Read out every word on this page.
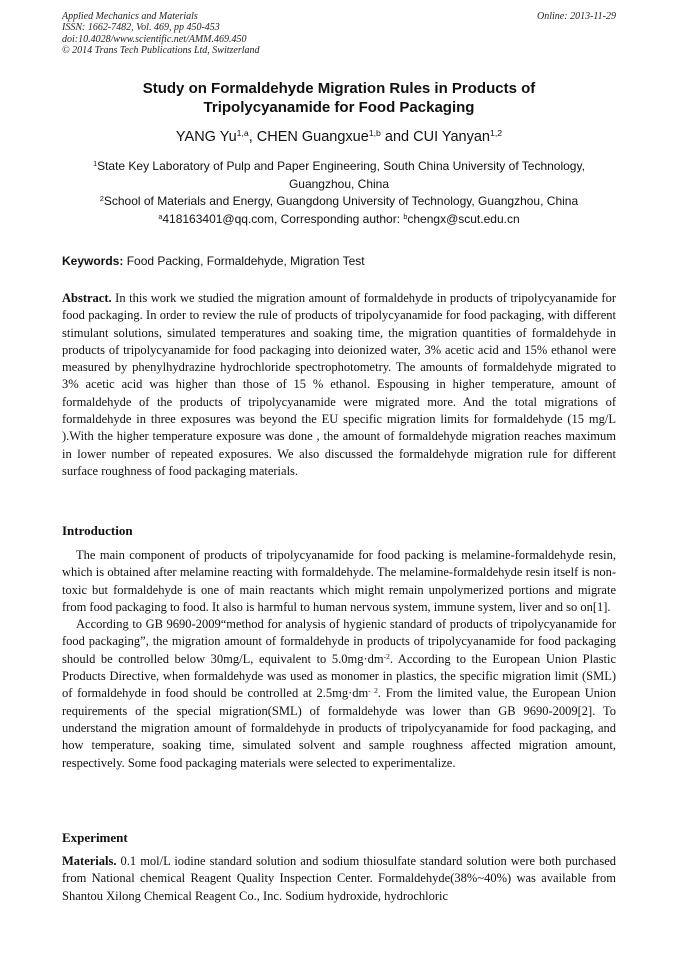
Applied Mechanics and Materials
ISSN: 1662-7482, Vol. 469, pp 450-453
doi:10.4028/www.scientific.net/AMM.469.450
© 2014 Trans Tech Publications Ltd, Switzerland
Online: 2013-11-29
Study on Formaldehyde Migration Rules in Products of
Tripolycyanamide for Food Packaging
YANG Yu$^{1,a}$, CHEN Guangxue$^{1,b}$ and CUI Yanyan$^{1,2}$
$^1$State Key Laboratory of Pulp and Paper Engineering, South China University of Technology,
Guangzhou, China
$^2$School of Materials and Energy, Guangdong University of Technology, Guangzhou, China
$^a$418163401@qq.com, Corresponding author: $^b$chengx@scut.edu.cn
Keywords: Food Packing, Formaldehyde, Migration Test
Abstract. In this work we studied the migration amount of formaldehyde in products of tripolycyanamide for food packaging. In order to review the rule of products of tripolycyanamide for food packaging, with different stimulant solutions, simulated temperatures and soaking time, the migration quantities of formaldehyde in products of tripolycyanamide for food packaging into deionized water, 3% acetic acid and 15% ethanol were measured by phenylhydrazine hydrochloride spectrophotometry. The amounts of formaldehyde migrated to 3% acetic acid was higher than those of 15 % ethanol. Espousing in higher temperature, amount of formaldehyde of the products of tripolycyanamide were migrated more. And the total migrations of formaldehyde in three exposures was beyond the EU specific migration limits for formaldehyde (15 mg/L ).With the higher temperature exposure was done , the amount of formaldehyde migration reaches maximum in lower number of repeated exposures. We also discussed the formaldehyde migration rule for different surface roughness of food packaging materials.
Introduction

The main component of products of tripolycyanamide for food packing is melamine-formaldehyde resin, which is obtained after melamine reacting with formaldehyde. The melamine-formaldehyde resin itself is non-toxic but formaldehyde is one of main reactants which might remain unpolymerized portions and migrate from food packaging to food. It also is harmful to human nervous system, immune system, liver and so on[1].

According to GB 9690-2009“method for analysis of hygienic standard of products of tripolycyanamide for food packaging”, the migration amount of formaldehyde in products of tripolycyanamide for food packaging should be controlled below 30mg/L, equivalent to $5.0mg\cdot dm^{-2}$. According to the European Union Plastic Products Directive, when formaldehyde was used as monomer in plastics, the specific migration limit (SML) of formaldehyde in food should be controlled at $2.5mg\cdot dm^{- 2}$. From the limited value, the European Union requirements of the special migration(SML) of formaldehyde was lower than GB 9690-2009[2]. To understand the migration amount of formaldehyde in products of tripolycyanamide for food packaging, and how temperature, soaking time, simulated solvent and sample roughness affected migration amount, respectively. Some food packaging materials were selected to experimentalize.

Experiment

Materials. 0.1 mol/L iodine standard solution and sodium thiosulfate standard solution were both purchased from National chemical Reagent Quality Inspection Center. Formaldehyde(38%~40%) was available from Shantou Xilong Chemical Reagent Co., Inc. Sodium hydroxide, hydrochloric
